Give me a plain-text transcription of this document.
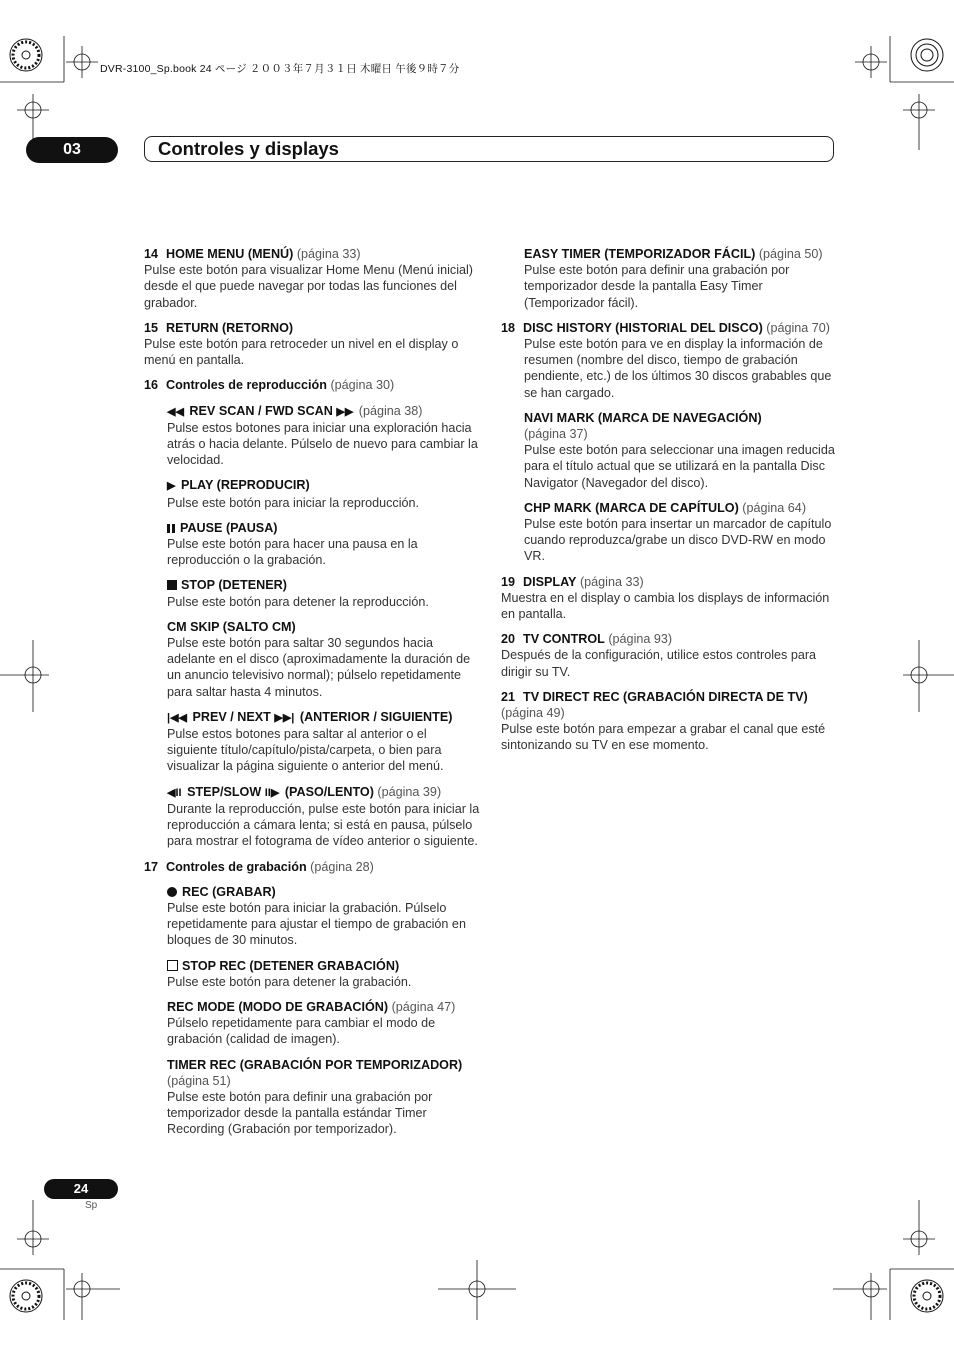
DVR-3100_Sp.book 24 ページ ２００３年７月３１日 木曜日 午後９時７分
03	Controles y displays

14 HOME MENU (MENÚ) (página 33)

Pulse este botón para visualizar Home Menu (Menú inicial) desde el que puede navegar por todas las funciones del grabador.

15 RETURN (RETORNO)

Pulse este botón para retroceder un nivel en el display o menú en pantalla.

16 Controles de reproducción (página 30)

◀◀ REV SCAN / FWD SCAN ▶▶ (página 38)

Pulse estos botones para iniciar una exploración hacia atrás o hacia delante. Púlselo de nuevo para cambiar la velocidad.

▶ PLAY (REPRODUCIR)

Pulse este botón para iniciar la reproducción.

PAUSE (PAUSA)

Pulse este botón para hacer una pausa en la reproducción o la grabación.

STOP (DETENER)

Pulse este botón para detener la reproducción.

CM SKIP (SALTO CM)

Pulse este botón para saltar 30 segundos hacia adelante en el disco (aproximadamente la duración de un anuncio televisivo normal); púlselo repetidamente para saltar hasta 4 minutos.

|◀◀ PREV / NEXT ▶▶| (ANTERIOR / SIGUIENTE)

Pulse estos botones para saltar al anterior o el siguiente título/capítulo/pista/carpeta, o bien para visualizar la página siguiente o anterior del menú.

◀II STEP/SLOW II▶ (PASO/LENTO) (página 39)

Durante la reproducción, pulse este botón para iniciar la reproducción a cámara lenta; si está en pausa, púlselo para mostrar el fotograma de vídeo anterior o siguiente.

17 Controles de grabación (página 28)

REC (GRABAR)

Pulse este botón para iniciar la grabación. Púlselo repetidamente para ajustar el tiempo de grabación en bloques de 30 minutos.

STOP REC (DETENER GRABACIÓN)

Pulse este botón para detener la grabación.

REC MODE (MODO DE GRABACIÓN) (página 47)

Púlselo repetidamente para cambiar el modo de grabación (calidad de imagen).

TIMER REC (GRABACIÓN POR TEMPORIZADOR)

(página 51)

Pulse este botón para definir una grabación por temporizador desde la pantalla estándar Timer Recording (Grabación por temporizador).

EASY TIMER (TEMPORIZADOR FÁCIL) (página 50)

Pulse este botón para definir una grabación por temporizador desde la pantalla Easy Timer (Temporizador fácil).

18 DISC HISTORY (HISTORIAL DEL DISCO) (página 70)

Pulse este botón para ve en display la información de resumen (nombre del disco, tiempo de grabación pendiente, etc.) de los últimos 30 discos grabables que se han cargado.

NAVI MARK (MARCA DE NAVEGACIÓN)

(página 37)

Pulse este botón para seleccionar una imagen reducida para el título actual que se utilizará en la pantalla Disc Navigator (Navegador del disco).

CHP MARK (MARCA DE CAPÍTULO) (página 64)

Pulse este botón para insertar un marcador de capítulo cuando reproduzca/grabe un disco DVD-RW en modo VR.

19 DISPLAY (página 33)

Muestra en el display o cambia los displays de información en pantalla.

20 TV CONTROL (página 93)

Después de la configuración, utilice estos controles para dirigir su TV.

21 TV DIRECT REC (GRABACIÓN DIRECTA DE TV)

(página 49)

Pulse este botón para empezar a grabar el canal que esté sintonizando su TV en ese momento.

24
Sp
